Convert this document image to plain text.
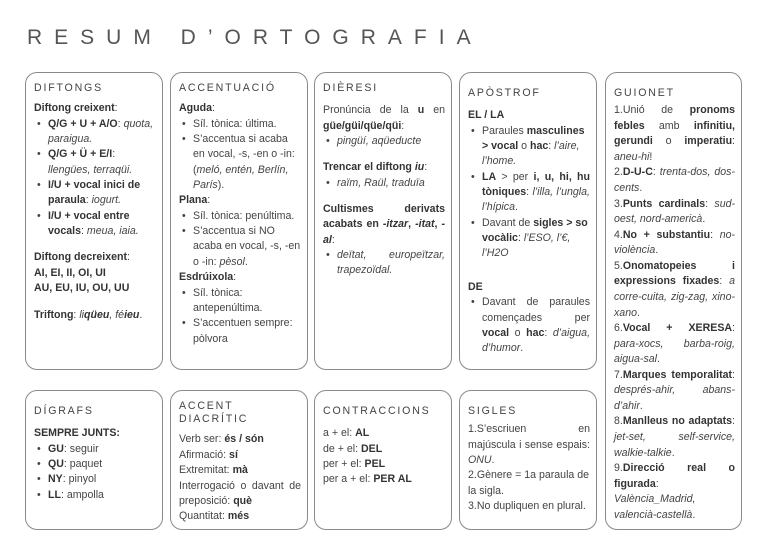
RESUM D’ORTOGRAFIA
DIFTONGS

Diftong creixent:

• Q/G + U + A/O: quota, paraigua.
• Q/G + Ü + E/I: llengües, terraqüi.
• I/U + vocal inici de paraula: iogurt.
• I/U + vocal entre vocals: meua, iaia.

Diftong decreixent:

AI, EI, II, OI, UI

AU, EU, IU, OU, UU

Triftong: liqüeu, féieu.

DÍGRAFS

SEMPRE JUNTS:

• GU: seguir
• QU: paquet
• NY: pinyol
• LL: ampolla
ACCENTUACIÓ

Aguda:

• Síl. tònica: última.
• S’accentua si acaba en vocal, -s, -en o -in: (meló, entén, Berlín, París).

Plana:

• Síl. tònica: penúltima.
• S’accentua si NO acaba en vocal, -s, -en o -in: pèsol.

Esdrúixola:

• Síl. tònica: antepenúltima.
• S’accentuen sempre: pòlvora
ACCENT
DIACRÍTIC

Verb ser: és / són

Afirmació: sí

Extremitat: mà

Interrogació o davant de preposició: què

Quantitat: més

DIÈRESI

Pronúncia de la u en güe/güi/qüe/qüi:

• pingüí, aqüeducte

Trencar el diftong iu:

• raïm, Raül, traduïa

Cultismes derivats acabats en -itzar, -itat, -al:

• deïtat, europeïtzar, trapezoïdal.
CONTRACCIONS

a + el: AL

de + el: DEL

per + el: PEL

per a + el: PER AL

APÒSTROF

EL / LA

• Paraules masculines > vocal o hac: l’aire, l’home.
• LA > per i, u, hi, hu tòniques: l’illa, l’ungla, l’hípica.
• Davant de sigles > so vocàlic: l’ESO, l’€, l’H2O

DE

• Davant de paraules començades per vocal o hac: d’aigua, d’humor.
SIGLES

1.S’escriuen en majúscula i sense espais: ONU.

2.Gènere = 1a paraula de la sigla.

3.No dupliquen en plural.

GUIONET

1.Unió de pronoms febles amb infinitiu, gerundi o imperatiu: aneu-hi!

2.D-U-C: trenta-dos, dos-cents.

3.Punts cardinals: sud-oest, nord-americà.

4.No + substantiu: no-violència.

5.Onomatopeies i expressions fixades: a corre-cuita, zig-zag, xino-xano.

6.Vocal + XERESA: para-xocs, barba-roig, aigua-sal.

7.Marques temporalitat: després-ahir, abans-d’ahir.

8.Manlleus no adaptats: jet-set, self-service, walkie-talkie.

9.Direcció real o figurada: València_Madrid, valencià-castellà.
